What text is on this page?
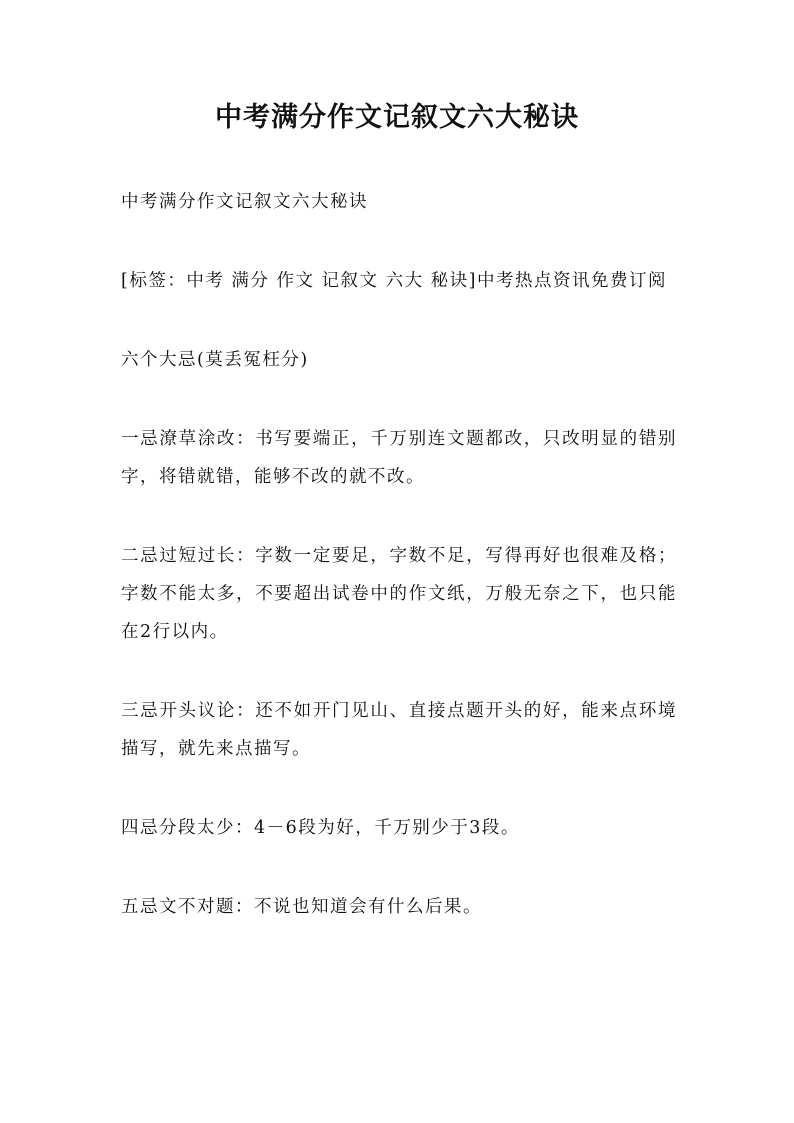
中考满分作文记叙文六大秘诀

中考满分作文记叙文六大秘诀

[标签：中考 满分 作文 记叙文 六大 秘诀]中考热点资讯免费订阅

六个大忌(莫丢冤枉分)

一忌潦草涂改：书写要端正，千万别连文题都改，只改明显的错别字，将错就错，能够不改的就不改。

二忌过短过长：字数一定要足，字数不足，写得再好也很难及格；字数不能太多，不要超出试卷中的作文纸，万般无奈之下，也只能在2行以内。

三忌开头议论：还不如开门见山、直接点题开头的好，能来点环境描写，就先来点描写。

四忌分段太少：4－6段为好，千万别少于3段。

五忌文不对题：不说也知道会有什么后果。
